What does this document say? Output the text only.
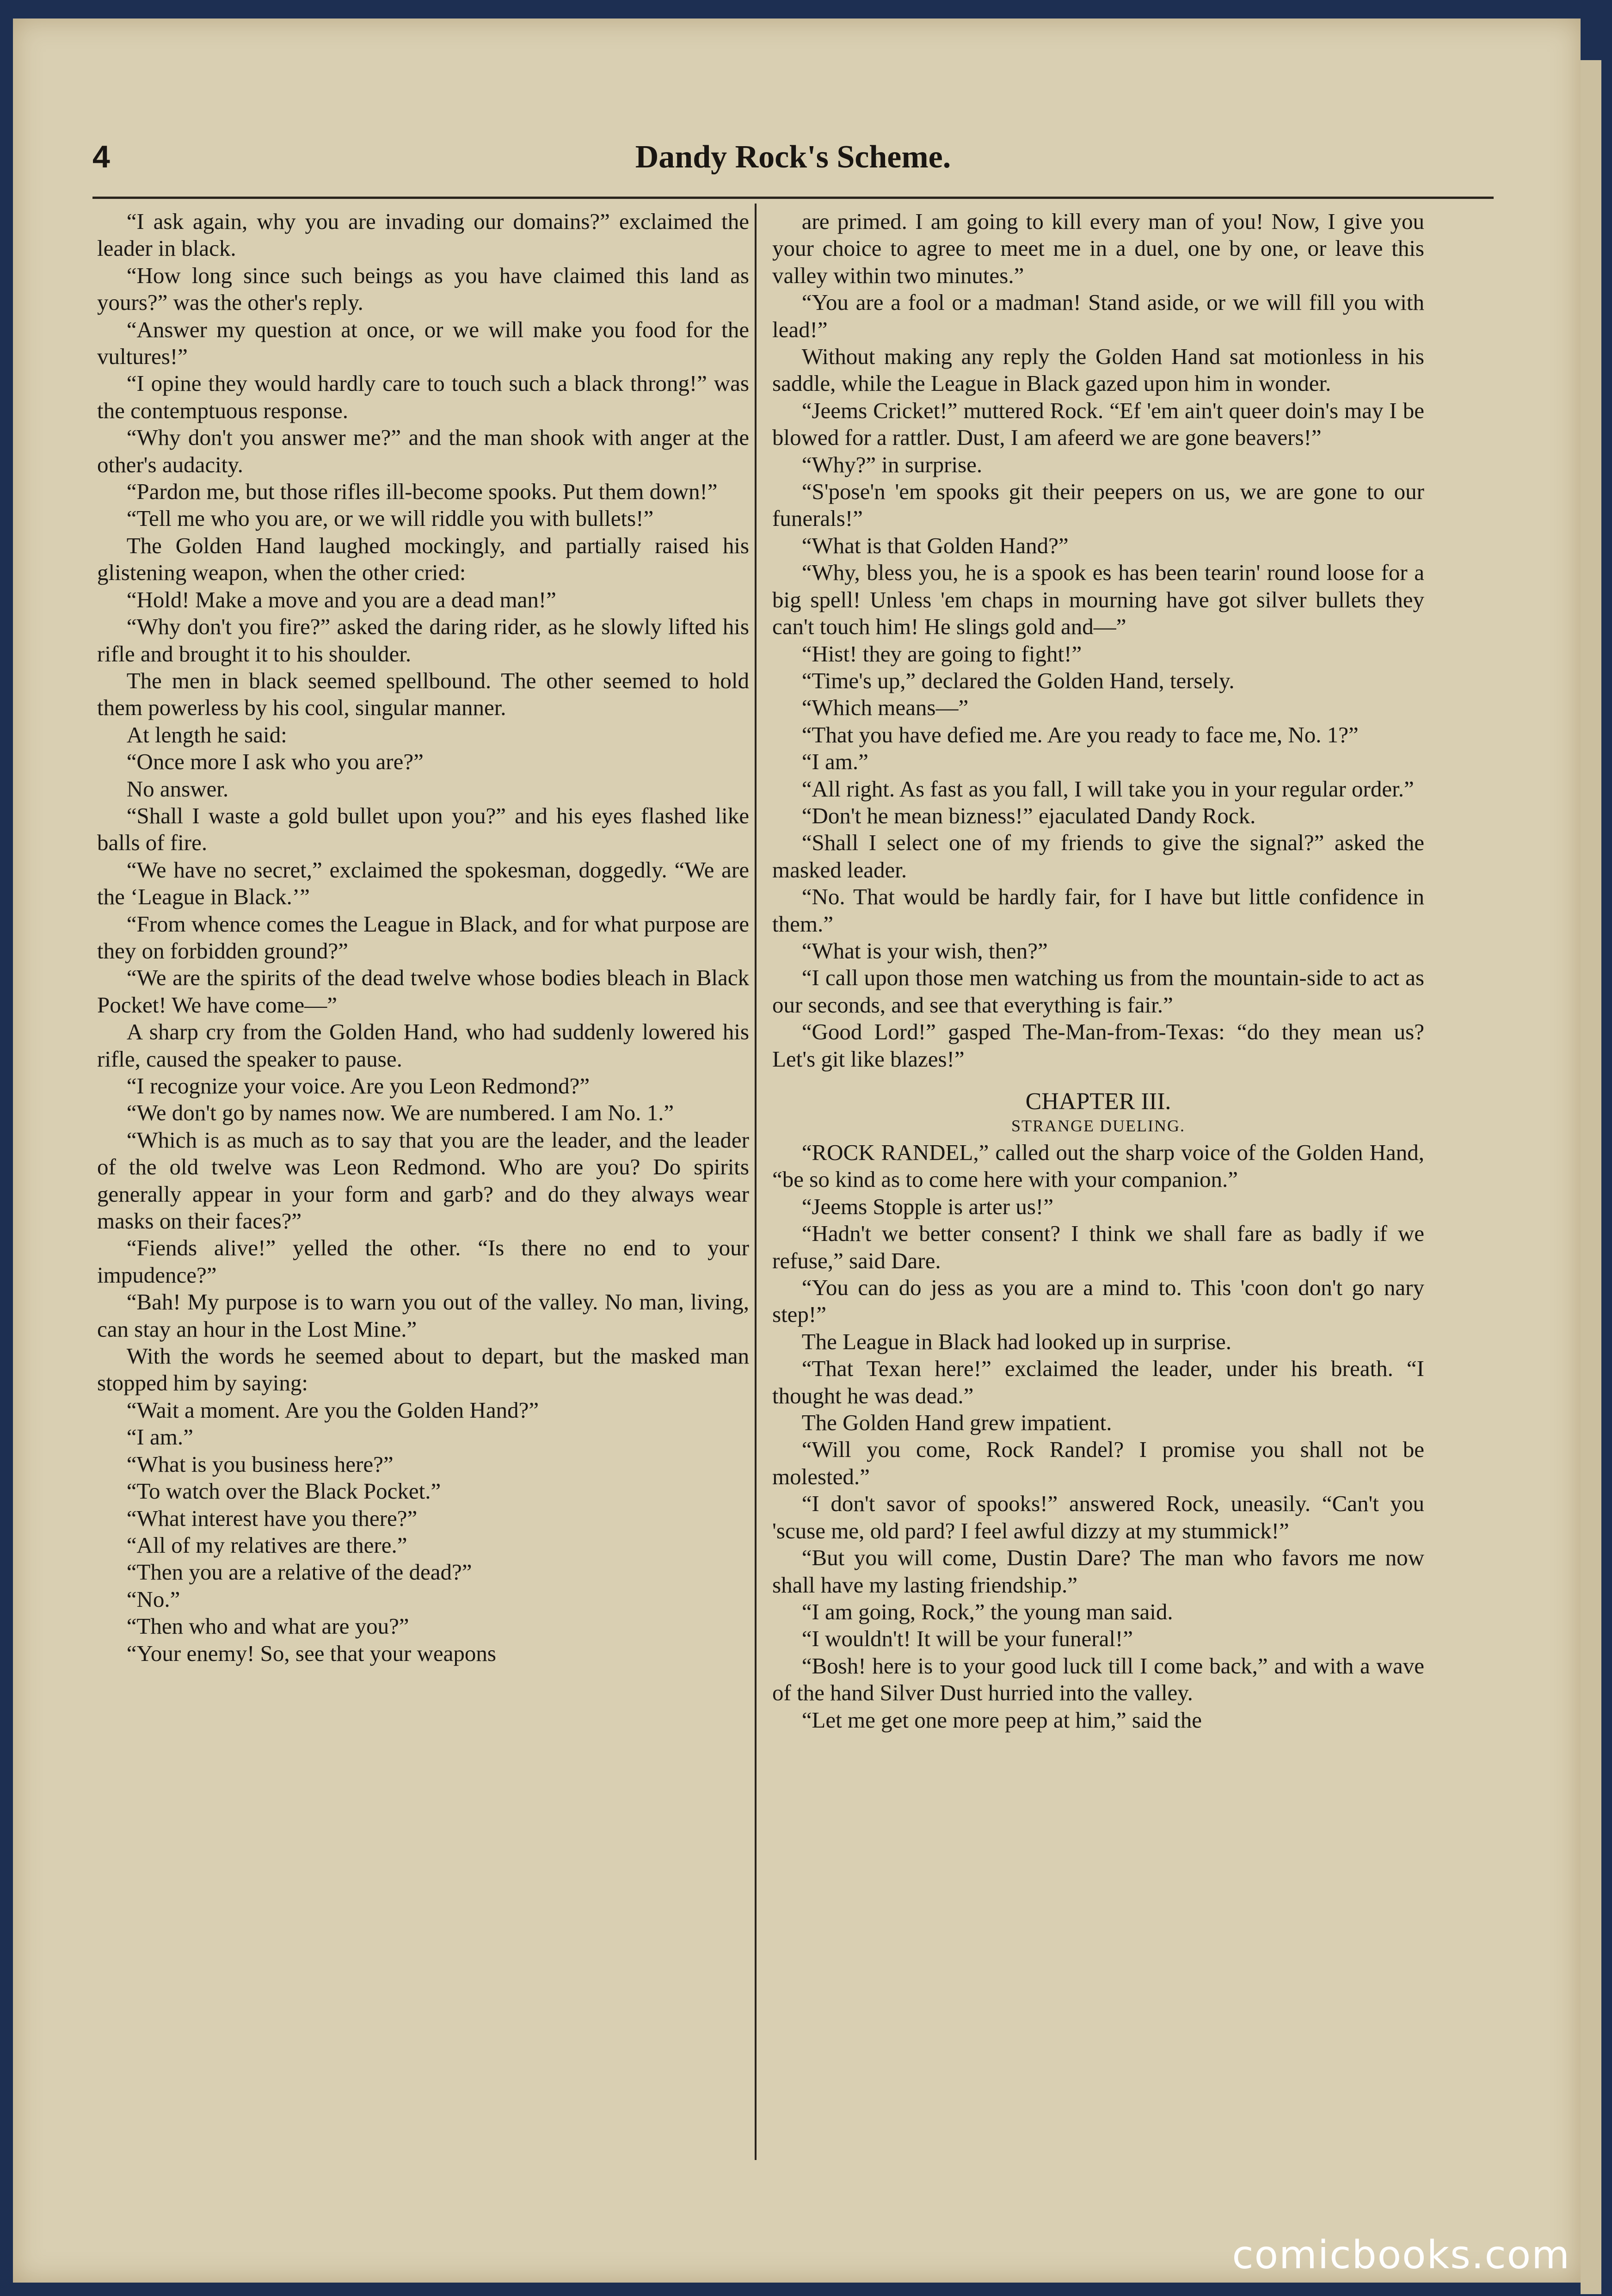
4	Dandy Rock's Scheme.

“I ask again, why you are invading our domains?” exclaimed the leader in black.

“How long since such beings as you have claimed this land as yours?” was the other's reply.

“Answer my question at once, or we will make you food for the vultures!”

“I opine they would hardly care to touch such a black throng!” was the contemptuous response.

“Why don't you answer me?” and the man shook with anger at the other's audacity.

“Pardon me, but those rifles ill-become spooks. Put them down!”

“Tell me who you are, or we will riddle you with bullets!”

The Golden Hand laughed mockingly, and partially raised his glistening weapon, when the other cried:

“Hold! Make a move and you are a dead man!”

“Why don't you fire?” asked the daring rider, as he slowly lifted his rifle and brought it to his shoulder.

The men in black seemed spellbound. The other seemed to hold them powerless by his cool, singular manner.

At length he said:

“Once more I ask who you are?”

No answer.

“Shall I waste a gold bullet upon you?” and his eyes flashed like balls of fire.

“We have no secret,” exclaimed the spokesman, doggedly. “We are the ‘League in Black.’”

“From whence comes the League in Black, and for what purpose are they on forbidden ground?”

“We are the spirits of the dead twelve whose bodies bleach in Black Pocket! We have come—”

A sharp cry from the Golden Hand, who had suddenly lowered his rifle, caused the speaker to pause.

“I recognize your voice. Are you Leon Redmond?”

“We don't go by names now. We are numbered. I am No. 1.”

“Which is as much as to say that you are the leader, and the leader of the old twelve was Leon Redmond. Who are you? Do spirits generally appear in your form and garb? and do they always wear masks on their faces?”

“Fiends alive!” yelled the other. “Is there no end to your impudence?”

“Bah! My purpose is to warn you out of the valley. No man, living, can stay an hour in the Lost Mine.”

With the words he seemed about to depart, but the masked man stopped him by saying:

“Wait a moment. Are you the Golden Hand?”

“I am.”

“What is you business here?”

“To watch over the Black Pocket.”

“What interest have you there?”

“All of my relatives are there.”

“Then you are a relative of the dead?”

“No.”

“Then who and what are you?”

“Your enemy! So, see that your weapons

are primed. I am going to kill every man of you! Now, I give you your choice to agree to meet me in a duel, one by one, or leave this valley within two minutes.”

“You are a fool or a madman! Stand aside, or we will fill you with lead!”

Without making any reply the Golden Hand sat motionless in his saddle, while the League in Black gazed upon him in wonder.

“Jeems Cricket!” muttered Rock. “Ef 'em ain't queer doin's may I be blowed for a rattler. Dust, I am afeerd we are gone beavers!”

“Why?” in surprise.

“S'pose'n 'em spooks git their peepers on us, we are gone to our funerals!”

“What is that Golden Hand?”

“Why, bless you, he is a spook es has been tearin' round loose for a big spell! Unless 'em chaps in mourning have got silver bullets they can't touch him! He slings gold and—”

“Hist! they are going to fight!”

“Time's up,” declared the Golden Hand, tersely.

“Which means—”

“That you have defied me. Are you ready to face me, No. 1?”

“I am.”

“All right. As fast as you fall, I will take you in your regular order.”

“Don't he mean bizness!” ejaculated Dandy Rock.

“Shall I select one of my friends to give the signal?” asked the masked leader.

“No. That would be hardly fair, for I have but little confidence in them.”

“What is your wish, then?”

“I call upon those men watching us from the mountain-side to act as our seconds, and see that everything is fair.”

“Good Lord!” gasped The-Man-from-Texas: “do they mean us? Let's git like blazes!”

CHAPTER III.
STRANGE DUELING.

“ROCK RANDEL,” called out the sharp voice of the Golden Hand, “be so kind as to come here with your companion.”

“Jeems Stopple is arter us!”

“Hadn't we better consent? I think we shall fare as badly if we refuse,” said Dare.

“You can do jess as you are a mind to. This 'coon don't go nary step!”

The League in Black had looked up in surprise.

“That Texan here!” exclaimed the leader, under his breath. “I thought he was dead.”

The Golden Hand grew impatient.

“Will you come, Rock Randel? I promise you shall not be molested.”

“I don't savor of spooks!” answered Rock, uneasily. “Can't you 'scuse me, old pard? I feel awful dizzy at my stummick!”

“But you will come, Dustin Dare? The man who favors me now shall have my lasting friendship.”

“I am going, Rock,” the young man said.

“I wouldn't! It will be your funeral!”

“Bosh! here is to your good luck till I come back,” and with a wave of the hand Silver Dust hurried into the valley.

“Let me get one more peep at him,” said the

comicbooks.com
